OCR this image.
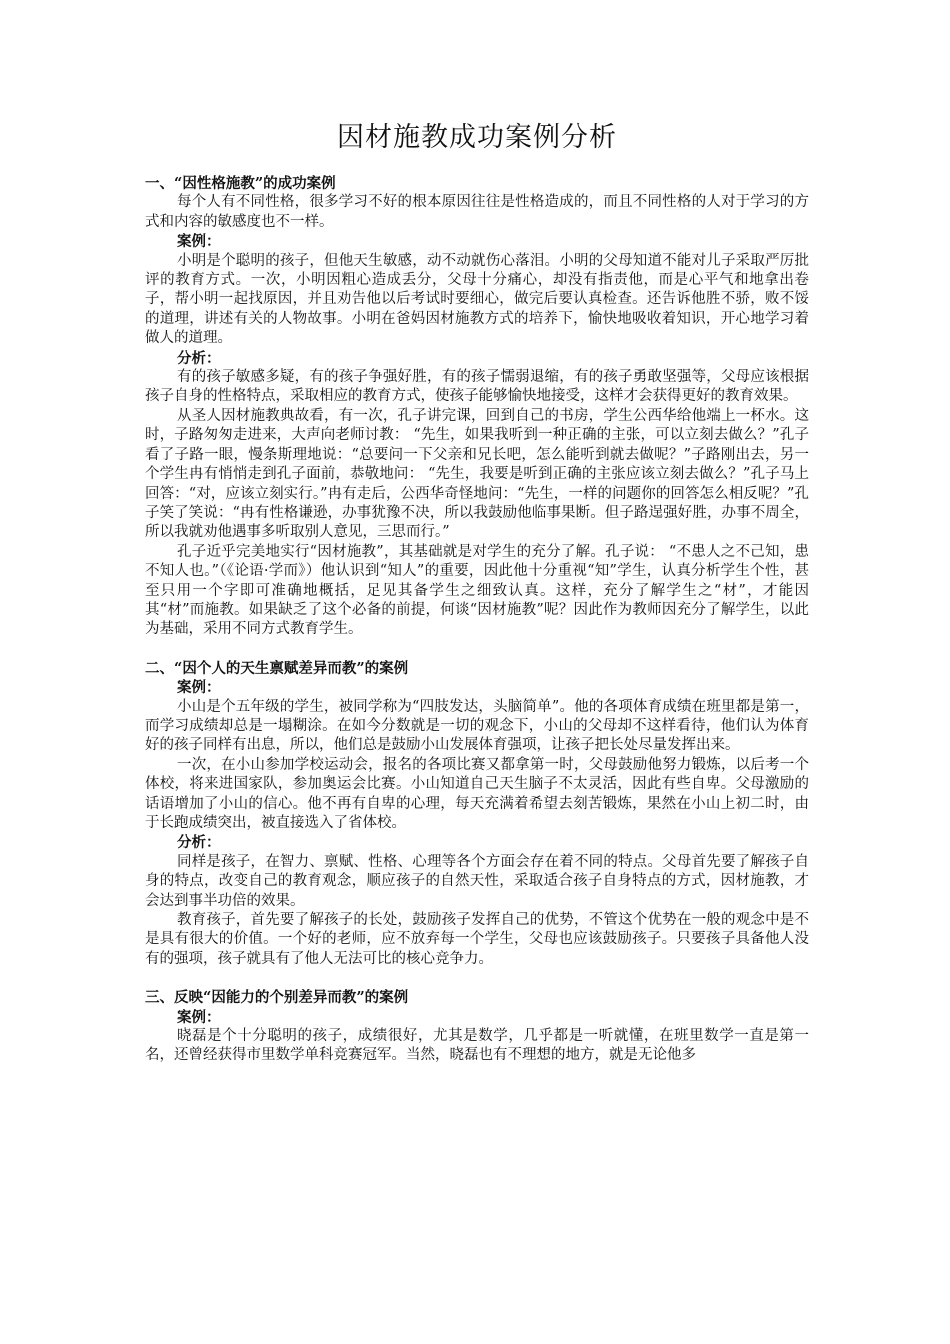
因材施教成功案例分析
一、“因性格施教”的成功案例

每个人有不同性格，很多学习不好的根本原因往往是性格造成的，而且不同性格的人对于学习的方式和内容的敏感度也不一样。

案例：

小明是个聪明的孩子，但他天生敏感，动不动就伤心落泪。小明的父母知道不能对儿子采取严厉批评的教育方式。一次，小明因粗心造成丢分，父母十分痛心，却没有指责他，而是心平气和地拿出卷子，帮小明一起找原因，并且劝告他以后考试时要细心，做完后要认真检查。还告诉他胜不骄，败不馁的道理，讲述有关的人物故事。小明在爸妈因材施教方式的培养下，愉快地吸收着知识，开心地学习着做人的道理。

分析：

有的孩子敏感多疑，有的孩子争强好胜，有的孩子懦弱退缩，有的孩子勇敢坚强等，父母应该根据孩子自身的性格特点，采取相应的教育方式，使孩子能够愉快地接受，这样才会获得更好的教育效果。

从圣人因材施教典故看，有一次，孔子讲完课，回到自己的书房，学生公西华给他端上一杯水。这时，子路匆匆走进来，大声向老师讨教： “先生，如果我听到一种正确的主张，可以立刻去做么？”孔子看了子路一眼，慢条斯理地说：“总要问一下父亲和兄长吧，怎么能听到就去做呢？”子路刚出去，另一个学生冉有悄悄走到孔子面前，恭敬地问： “先生，我要是听到正确的主张应该立刻去做么？”孔子马上回答：“对，应该立刻实行。”冉有走后，公西华奇怪地问：“先生，一样的问题你的回答怎么相反呢？”孔子笑了笑说：“冉有性格谦逊，办事犹豫不决，所以我鼓励他临事果断。但子路逞强好胜，办事不周全，所以我就劝他遇事多听取别人意见，三思而行。”

孔子近乎完美地实行“因材施教”，其基础就是对学生的充分了解。孔子说： “不患人之不己知，患不知人也。”（《论语·学而》）他认识到“知人”的重要，因此他十分重视“知”学生，认真分析学生个性，甚至只用一个字即可准确地概括，足见其备学生之细致认真。这样，充分了解学生之“材”，才能因其“材”而施教。如果缺乏了这个必备的前提，何谈“因材施教”呢？因此作为教师因充分了解学生，以此为基础，采用不同方式教育学生。

二、“因个人的天生禀赋差异而教”的案例
案例：

小山是个五年级的学生，被同学称为“四肢发达，头脑简单”。他的各项体育成绩在班里都是第一，而学习成绩却总是一塌糊涂。在如今分数就是一切的观念下，小山的父母却不这样看待，他们认为体育好的孩子同样有出息，所以，他们总是鼓励小山发展体育强项，让孩子把长处尽量发挥出来。

一次，在小山参加学校运动会，报名的各项比赛又都拿第一时，父母鼓励他努力锻炼，以后考一个体校，将来进国家队，参加奥运会比赛。小山知道自己天生脑子不太灵活，因此有些自卑。父母激励的话语增加了小山的信心。他不再有自卑的心理，每天充满着希望去刻苦锻炼，果然在小山上初二时，由于长跑成绩突出，被直接选入了省体校。

分析：

同样是孩子，在智力、禀赋、性格、心理等各个方面会存在着不同的特点。父母首先要了解孩子自身的特点，改变自己的教育观念，顺应孩子的自然天性，采取适合孩子自身特点的方式，因材施教，才会达到事半功倍的效果。

教育孩子，首先要了解孩子的长处，鼓励孩子发挥自己的优势，不管这个优势在一般的观念中是不是具有很大的价值。一个好的老师，应不放弃每一个学生，父母也应该鼓励孩子。只要孩子具备他人没有的强项，孩子就具有了他人无法可比的核心竞争力。

三、反映“因能力的个别差异而教”的案例
案例：

晓磊是个十分聪明的孩子，成绩很好，尤其是数学，几乎都是一听就懂，在班里数学一直是第一名，还曾经获得市里数学单科竞赛冠军。当然，晓磊也有不理想的地方，就是无论他多
